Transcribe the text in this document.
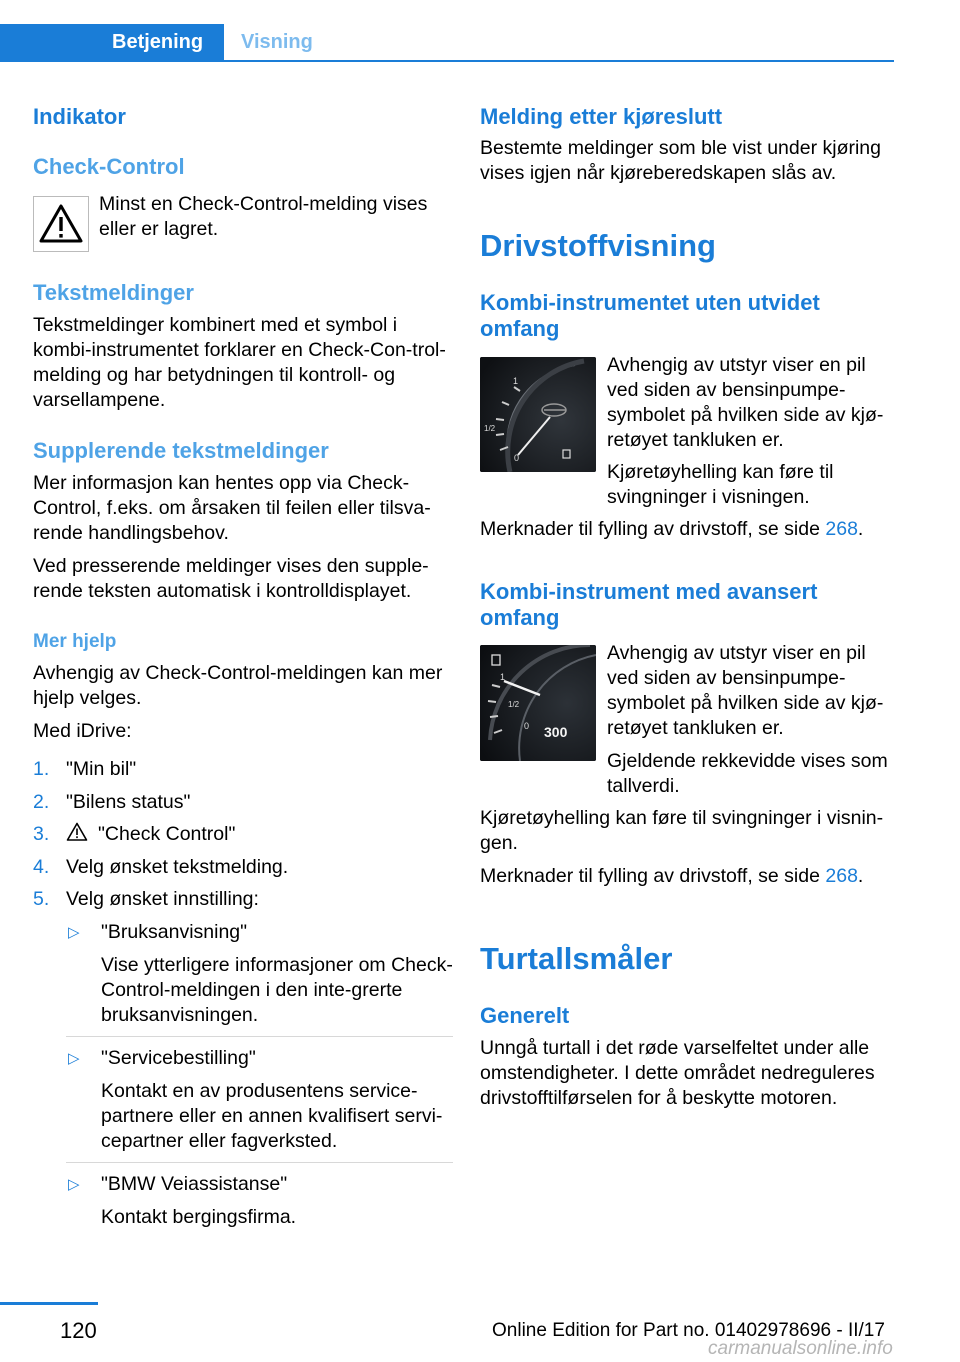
Betjening Visning
Indikator
Check-Control
Minst en Check-Control-melding vises eller er lagret.
Tekstmeldinger
Tekstmeldinger kombinert med et symbol i kombi-instrumentet forklarer en Check-Con-trol-melding og har betydningen til kontroll- og varsellampene.
Supplerende tekstmeldinger
Mer informasjon kan hentes opp via Check-Control, f.eks. om årsaken til feilen eller tilsva-rende handlingsbehov.
Ved presserende meldinger vises den supple-rende teksten automatisk i kontrolldisplayet.
Mer hjelp
Avhengig av Check-Control-meldingen kan mer hjelp velges.
Med iDrive:
1. "Min bil"
2. "Bilens status"
3. "Check Control"
4. Velg ønsket tekstmelding.
5. Velg ønsket innstilling:
▷ "Bruksanvisning"
Vise ytterligere informasjoner om Check-Control-meldingen i den inte-grerte bruksanvisningen.
▷ "Servicebestilling"
Kontakt en av produsentens service-partnere eller en annen kvalifisert servi-cepartner eller fagverksted.
▷ "BMW Veiassistanse"
Kontakt bergingsfirma.
Melding etter kjøreslutt
Bestemte meldinger som ble vist under kjøring vises igjen når kjøreberedskapen slås av.
Drivstoffvisning
Kombi-instrumentet uten utvidet omfang
1
1/2
0
Avhengig av utstyr viser en pil ved siden av bensinpumpe-symbolet på hvilken side av kjø-retøyet tankluken er.
Kjøretøyhelling kan føre til svingninger i visningen.
Merknader til fylling av drivstoff, se side 268.
Kombi-instrument med avansert omfang
1
1/2
0 300
Avhengig av utstyr viser en pil ved siden av bensinpumpe-symbolet på hvilken side av kjø-retøyet tankluken er.
Gjeldende rekkevidde vises som tallverdi.
Kjøretøyhelling kan føre til svingninger i visnin-gen.
Merknader til fylling av drivstoff, se side 268.
Turtallsmåler
Generelt
Unngå turtall i det røde varselfeltet under alle omstendigheter. I dette området nedreguleres drivstofftilførselen for å beskytte motoren.
120	Online Edition for Part no. 01402978696 - II/17
carmanualsonline.info
